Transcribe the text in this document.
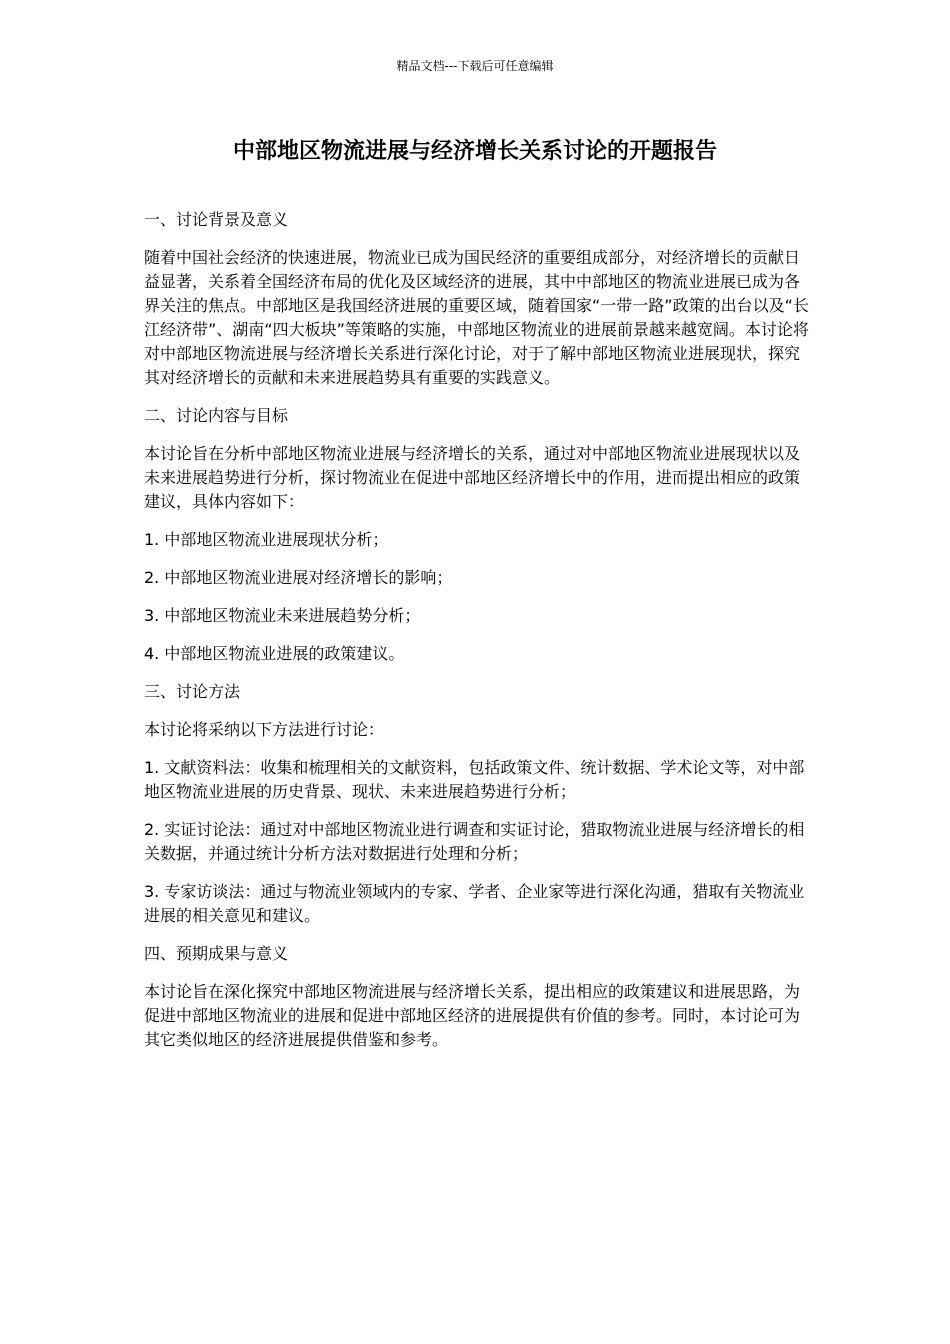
精品文档---下载后可任意编辑
中部地区物流进展与经济增长关系讨论的开题报告

一、讨论背景及意义

随着中国社会经济的快速进展，物流业已成为国民经济的重要组成部分，对经济增长的贡献日益显著，关系着全国经济布局的优化及区域经济的进展，其中中部地区的物流业进展已成为各界关注的焦点。中部地区是我国经济进展的重要区域，随着国家“一带一路”政策的出台以及“长江经济带”、湖南“四大板块”等策略的实施，中部地区物流业的进展前景越来越宽阔。本讨论将对中部地区物流进展与经济增长关系进行深化讨论，对于了解中部地区物流业进展现状，探究其对经济增长的贡献和未来进展趋势具有重要的实践意义。

二、讨论内容与目标

本讨论旨在分析中部地区物流业进展与经济增长的关系，通过对中部地区物流业进展现状以及未来进展趋势进行分析，探讨物流业在促进中部地区经济增长中的作用，进而提出相应的政策建议，具体内容如下：

1. 中部地区物流业进展现状分析；

2. 中部地区物流业进展对经济增长的影响；

3. 中部地区物流业未来进展趋势分析；

4. 中部地区物流业进展的政策建议。

三、讨论方法

本讨论将采纳以下方法进行讨论：

1. 文献资料法：收集和梳理相关的文献资料，包括政策文件、统计数据、学术论文等，对中部地区物流业进展的历史背景、现状、未来进展趋势进行分析；

2. 实证讨论法：通过对中部地区物流业进行调查和实证讨论，猎取物流业进展与经济增长的相关数据，并通过统计分析方法对数据进行处理和分析；

3. 专家访谈法：通过与物流业领域内的专家、学者、企业家等进行深化沟通，猎取有关物流业进展的相关意见和建议。

四、预期成果与意义

本讨论旨在深化探究中部地区物流进展与经济增长关系，提出相应的政策建议和进展思路，为促进中部地区物流业的进展和促进中部地区经济的进展提供有价值的参考。同时，本讨论可为其它类似地区的经济进展提供借鉴和参考。
